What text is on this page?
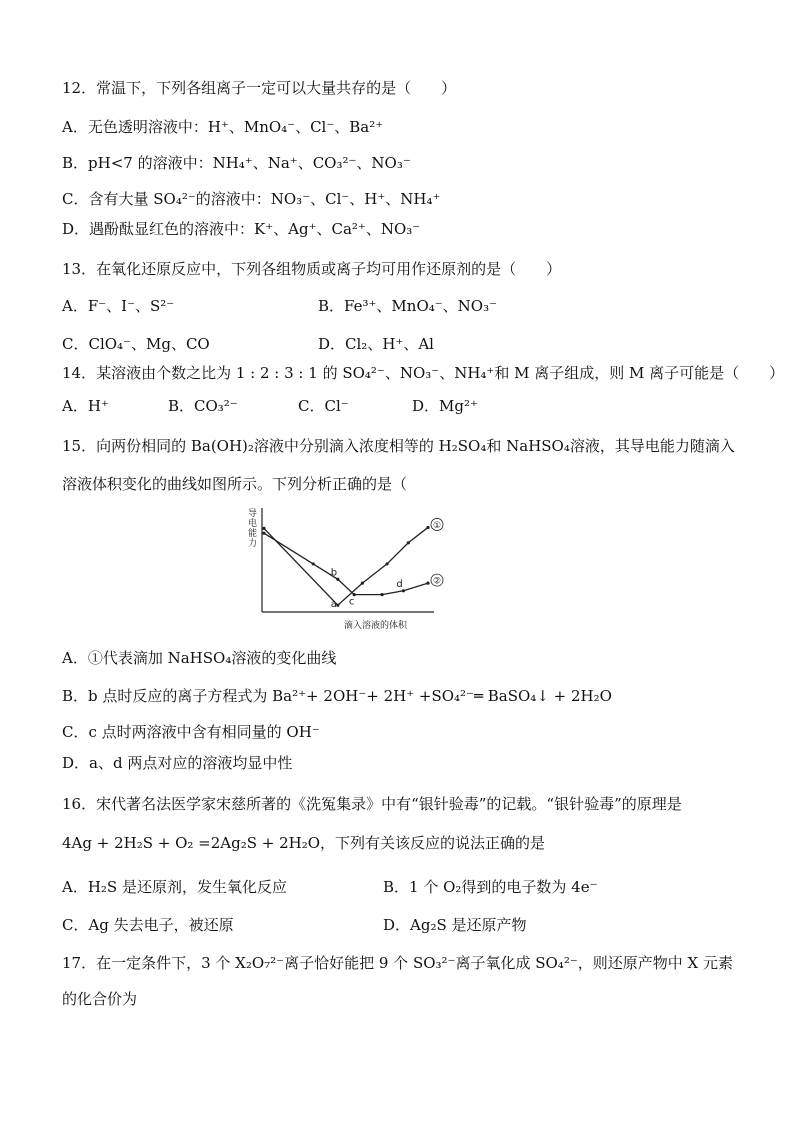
12．常温下，下列各组离子一定可以大量共存的是（　　）
A．无色透明溶液中：H⁺、MnO₄⁻、Cl⁻、Ba²⁺
B．pH<7 的溶液中：NH₄⁺、Na⁺、CO₃²⁻、NO₃⁻
C．含有大量 SO₄²⁻的溶液中：NO₃⁻、Cl⁻、H⁺、NH₄⁺
D．遇酚酞显红色的溶液中：K⁺、Ag⁺、Ca²⁺、NO₃⁻
13．在氧化还原反应中，下列各组物质或离子均可用作还原剂的是（　　）
A．F⁻、I⁻、S²⁻	B．Fe³⁺、MnO₄⁻、NO₃⁻
C．ClO₄⁻、Mg、CO	D．Cl₂、H⁺、Al
14．某溶液由个数之比为 1 : 2 : 3 : 1 的 SO₄²⁻、NO₃⁻、NH₄⁺和 M 离子组成，则 M 离子可能是（　　）
A．H⁺	B．CO₃²⁻	C．Cl⁻	D．Mg²⁺
15．向两份相同的 Ba(OH)₂溶液中分别滴入浓度相等的 H₂SO₄和 NaHSO₄溶液，其导电能力随滴入
溶液体积变化的曲线如图所示。下列分析正确的是（
导电能力
滴入溶液的体积
①
②
a
b
c
d
A．①代表滴加 NaHSO₄溶液的变化曲线
B．b 点时反应的离子方程式为 Ba²⁺+ 2OH⁻+ 2H⁺ +SO₄²⁻═ BaSO₄↓ + 2H₂O
C．c 点时两溶液中含有相同量的 OH⁻
D．a、d 两点对应的溶液均显中性
16．宋代著名法医学家宋慈所著的《洗冤集录》中有“银针验毒”的记载。“银针验毒”的原理是
4Ag + 2H₂S + O₂ =2Ag₂S + 2H₂O，下列有关该反应的说法正确的是
A．H₂S 是还原剂，发生氧化反应	B．1 个 O₂得到的电子数为 4e⁻
C．Ag 失去电子，被还原	D．Ag₂S 是还原产物
17．在一定条件下，3 个 X₂O₇²⁻离子恰好能把 9 个 SO₃²⁻离子氧化成 SO₄²⁻，则还原产物中 X 元素
的化合价为
